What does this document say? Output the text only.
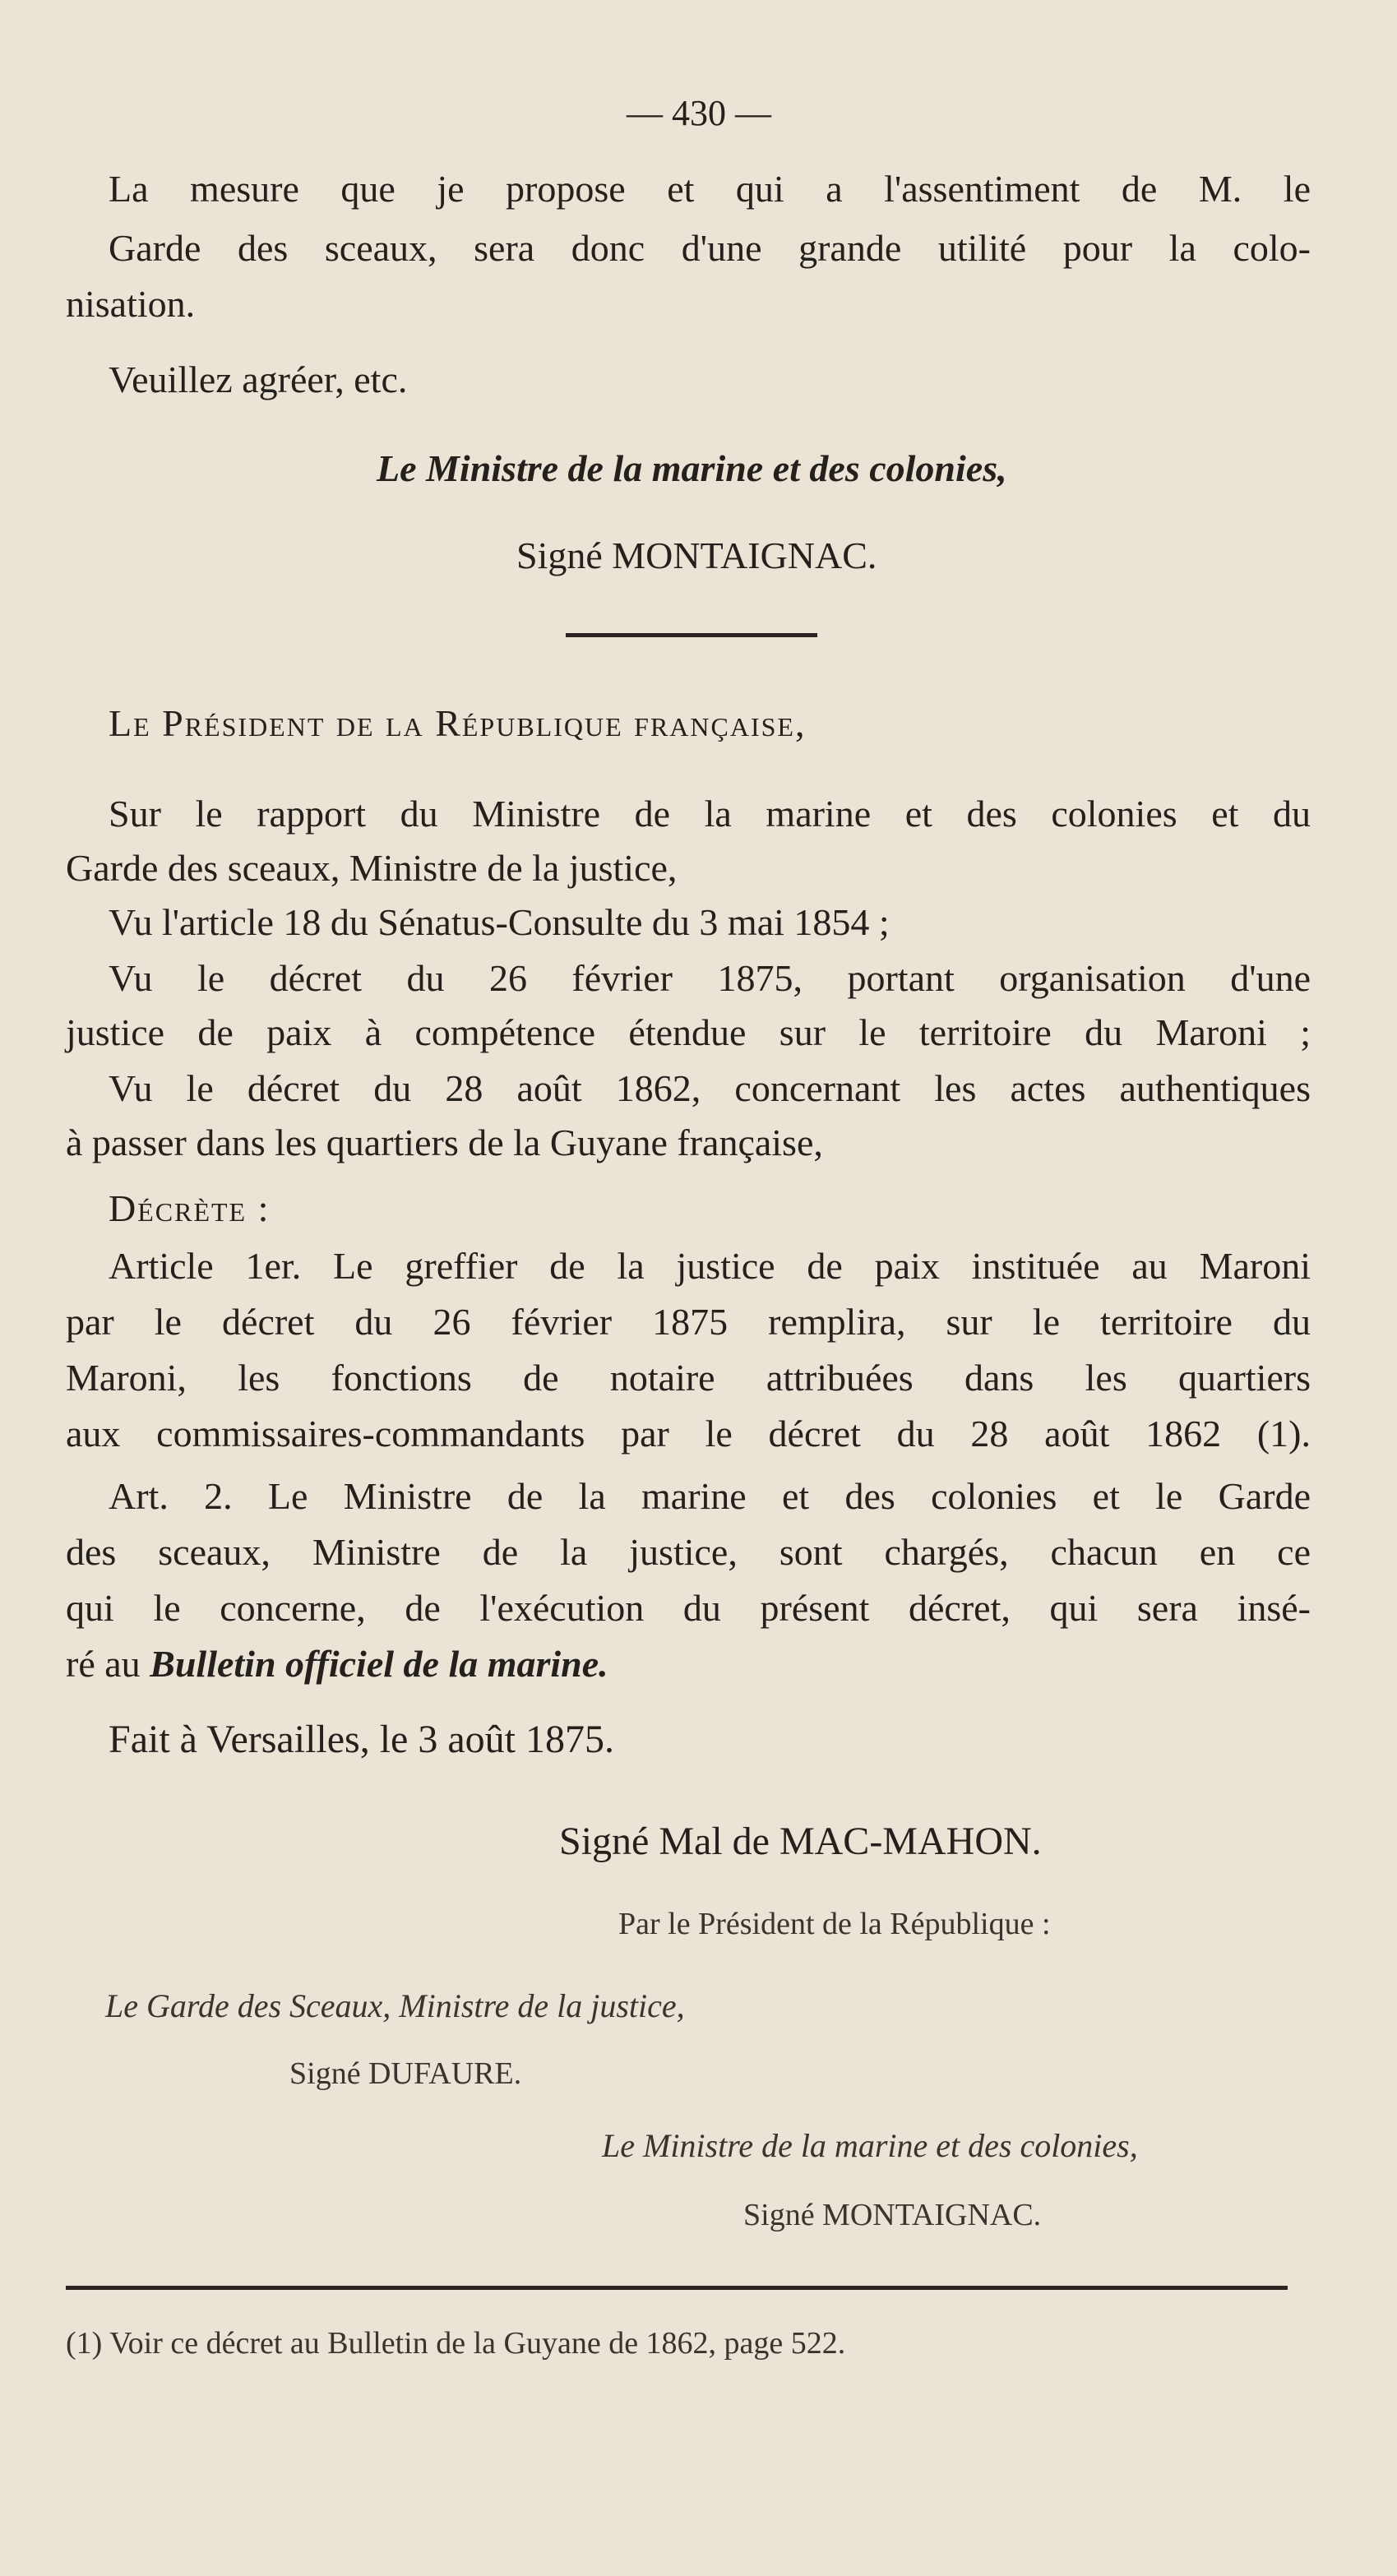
— 430 —
La mesure que je propose et qui a l'assentiment de M. le
Garde des sceaux, sera donc d'une grande utilité pour la colo-
nisation.
Veuillez agréer, etc.
Le Ministre de la marine et des colonies,
Signé MONTAIGNAC.
Le Président de la République française,
Sur le rapport du Ministre de la marine et des colonies et du
Garde des sceaux, Ministre de la justice,
Vu l'article 18 du Sénatus-Consulte du 3 mai 1854 ;
Vu le décret du 26 février 1875, portant organisation d'une
justice de paix à compétence étendue sur le territoire du Maroni ;
Vu le décret du 28 août 1862, concernant les actes authentiques
à passer dans les quartiers de la Guyane française,
Décrète :
Article 1er. Le greffier de la justice de paix instituée au Maroni
par le décret du 26 février 1875 remplira, sur le territoire du
Maroni, les fonctions de notaire attribuées dans les quartiers
aux commissaires-commandants par le décret du 28 août 1862 (1).
Art. 2. Le Ministre de la marine et des colonies et le Garde
des sceaux, Ministre de la justice, sont chargés, chacun en ce
qui le concerne, de l'exécution du présent décret, qui sera insé-
ré au Bulletin officiel de la marine.
Fait à Versailles, le 3 août 1875.
Signé Mal de MAC-MAHON.
Par le Président de la République :
Le Garde des Sceaux, Ministre de la justice,
Signé DUFAURE.
Le Ministre de la marine et des colonies,
Signé MONTAIGNAC.
(1) Voir ce décret au Bulletin de la Guyane de 1862, page 522.
